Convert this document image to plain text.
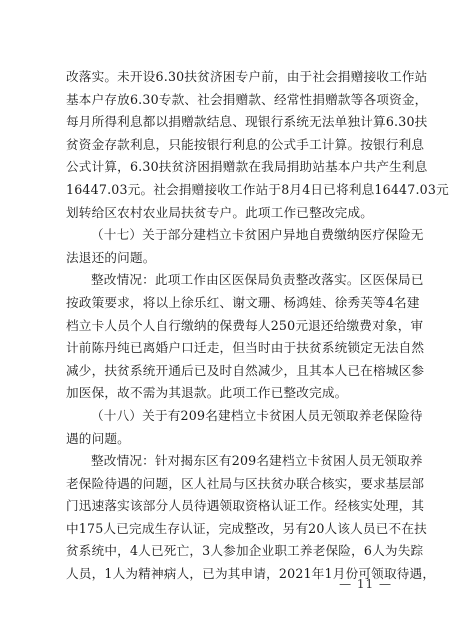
改落实。未开设6.30扶贫济困专户前，由于社会捐赠接收工作站
基本户存放6.30专款、社会捐赠款、经常性捐赠款等各项资金，
每月所得利息都以捐赠款结息、现银行系统无法单独计算6.30扶
贫资金存款利息，只能按银行利息的公式手工计算。按银行利息
公式计算，6.30扶贫济困捐赠款在我局捐助站基本户共产生利息
16447.03元。社会捐赠接收工作站于8月4日已将利息16447.03元
划转给区农村农业局扶贫专户。此项工作已整改完成。
（十七）关于部分建档立卡贫困户异地自费缴纳医疗保险无
法退还的问题。
整改情况：此项工作由区医保局负责整改落实。区医保局已
按政策要求，将以上徐乐红、谢文珊、杨鸿娃、徐秀芙等4名建
档立卡人员个人自行缴纳的保费每人250元退还给缴费对象，审
计前陈丹纯已离婚户口迁走，但当时由于扶贫系统锁定无法自然
减少，扶贫系统开通后已及时自然减少，且其本人已在榕城区参
加医保，故不需为其退款。此项工作已整改完成。
（十八）关于有209名建档立卡贫困人员无领取养老保险待
遇的问题。
整改情况：针对揭东区有209名建档立卡贫困人员无领取养
老保险待遇的问题，区人社局与区扶贫办联合核实，要求基层部
门迅速落实该部分人员待遇领取资格认证工作。经核实处理，其
中175人已完成生存认证，完成整改，另有20人该人员已不在扶
贫系统中，4人已死亡，3人参加企业职工养老保险，6人为失踪
人员，1人为精神病人，已为其申请，2021年1月份可领取待遇，
— 11 —
